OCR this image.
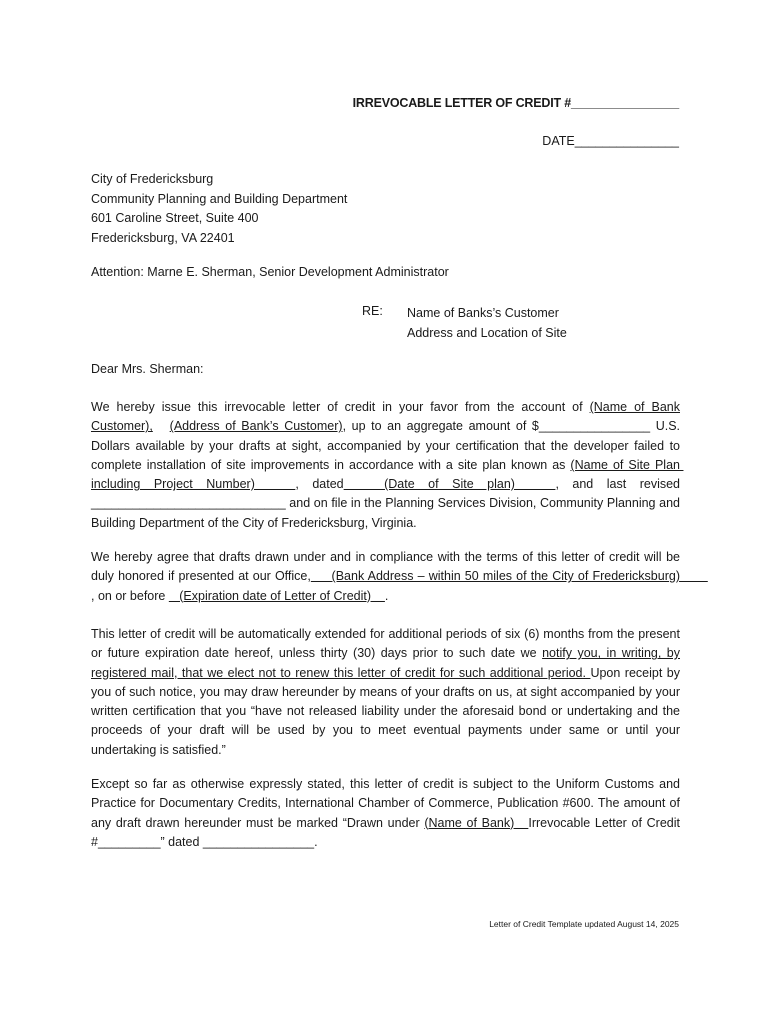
IRREVOCABLE LETTER OF CREDIT #________________
DATE_______________
City of Fredericksburg
Community Planning and Building Department
601 Caroline Street, Suite 400
Fredericksburg, VA 22401
Attention: Marne E. Sherman, Senior Development Administrator
RE: Name of Banks’s Customer
Address and Location of Site
Dear Mrs. Sherman:
We hereby issue this irrevocable letter of credit in your favor from the account of (Name of Bank Customer), (Address of Bank’s Customer), up to an aggregate amount of $________________ U.S. Dollars available by your drafts at sight, accompanied by your certification that the developer failed to complete installation of site improvements in accordance with a site plan known as (Name of Site Plan including Project Number)   , dated   (Date of Site plan)   , and last revised ____________________________ and on file in the Planning Services Division, Community Planning and Building Department of the City of Fredericksburg, Virginia.
We hereby agree that drafts drawn under and in compliance with the terms of this letter of credit will be duly honored if presented at our Office,     (Bank Address – within 50 miles of the City of Fredericksburg)        , on or before    (Expiration date of Letter of Credit)    .
This letter of credit will be automatically extended for additional periods of six (6) months from the present or future expiration date hereof, unless thirty (30) days prior to such date we notify you, in writing, by registered mail, that we elect not to renew this letter of credit for such additional period. Upon receipt by you of such notice, you may draw hereunder by means of your drafts on us, at sight accompanied by your written certification that you “have not released liability under the aforesaid bond or undertaking and the proceeds of your draft will be used by you to meet eventual payments under same or until your undertaking is satisfied.”
Except so far as otherwise expressly stated, this letter of credit is subject to the Uniform Customs and Practice for Documentary Credits, International Chamber of Commerce, Publication #600. The amount of any draft drawn hereunder must be marked “Drawn under (Name of Bank)   Irrevocable Letter of Credit #_________” dated ________________.
Letter of Credit Template updated August 14, 2025
